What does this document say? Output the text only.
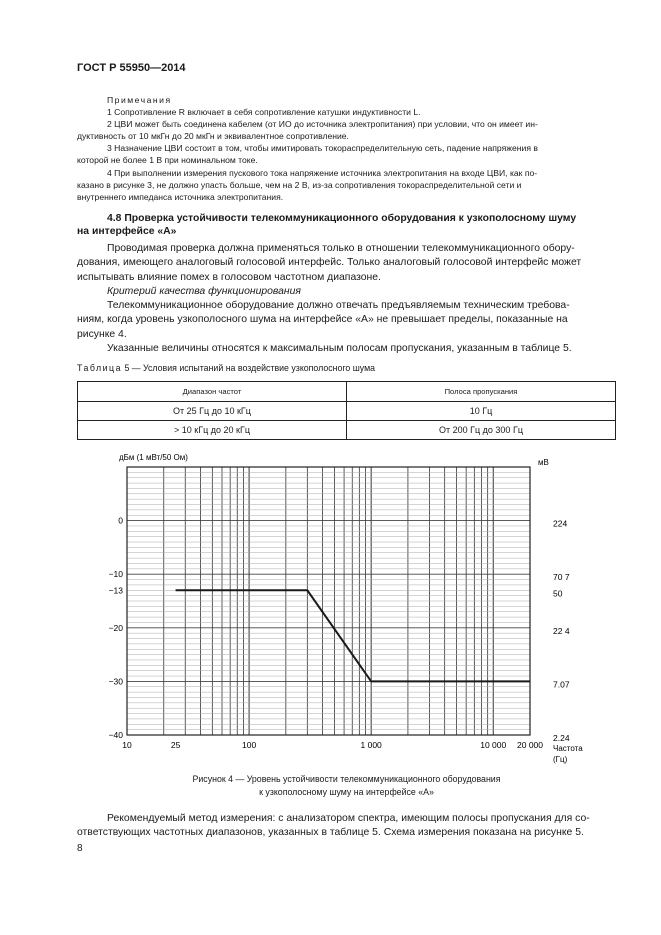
ГОСТ Р 55950—2014

Примечания

1 Сопротивление R включает в себя сопротивление катушки индуктивности L.

2 ЦВИ может быть соединена кабелем (от ИО до источника электропитания) при условии, что он имеет ин-

дуктивность от 10 мкГн до 20 мкГн и эквивалентное сопротивление.

3 Назначение ЦВИ состоит в том, чтобы имитировать токораспределительную сеть, падение напряжения в

которой не более 1 В при номинальном токе.

4 При выполнении измерения пускового тока напряжение источника электропитания на входе ЦВИ, как по-

казано в рисунке 3, не должно упасть больше, чем на 2 В, из-за сопротивления токораспределительной сети и

внутреннего импеданса источника электропитания.

4.8 Проверка устойчивости телекоммуникационного оборудования к узкополосному шуму
на интерфейсе «А»

Проводимая проверка должна применяться только в отношении телекоммуникационного обору-

дования, имеющего аналоговый голосовой интерфейс. Только аналоговый голосовой интерфейс может

испытывать влияние помех в голосовом частотном диапазоне.

Критерий качества функционирования

Телекоммуникационное оборудование должно отвечать предъявляемым техническим требова-

ниям, когда уровень узкополосного шума на интерфейсе «А» не превышает пределы, показанные на

рисунке 4.

Указанные величины относятся к максимальным полосам пропускания, указанным в таблице 5.

Таблица 5 — Условия испытаний на воздействие узкополосного шума
Диапазон частот	Полоса пропускания
От 25 Гц до 10 кГц	10 Гц
> 10 кГц до 20 кГц	От 200 Гц до 300 Гц
10	25	100	1 000	10 000 20 000
0
−10
−13
−20
−30
−40
224
70 7
50
22 4
7.07
2.24
дБм (1 мВт/50 Ом)
мВ
Частота
(Гц)
Рисунок 4 — Уровень устойчивости телекоммуникационного оборудования
к узкополосному шуму на интерфейсе «А»

Рекомендуемый метод измерения: с анализатором спектра, имеющим полосы пропускания для со-

ответствующих частотных диапазонов, указанных в таблице 5. Схема измерения показана на рисунке 5.

8
